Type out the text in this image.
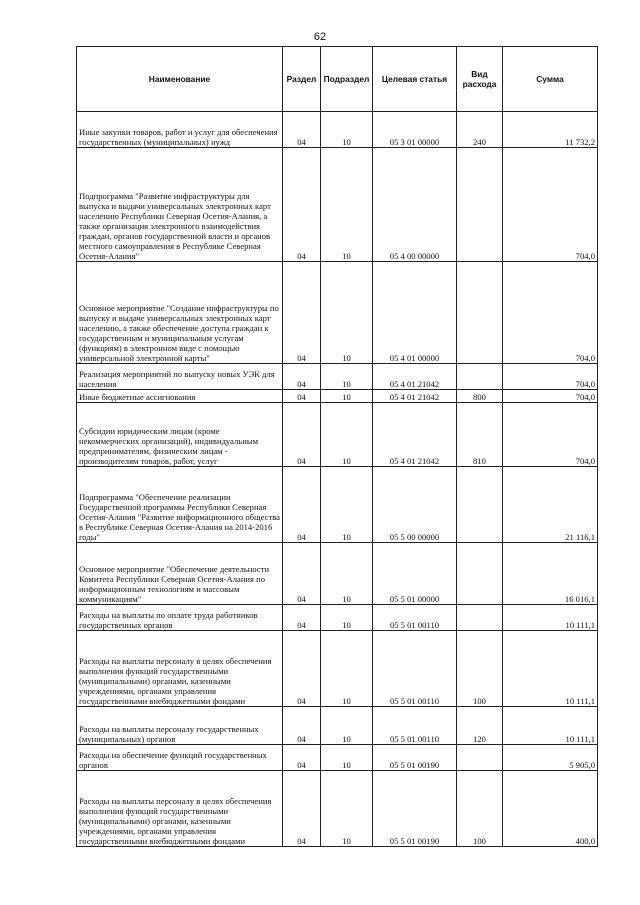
62
Наименование	Раздел	Подраздел	Целевая статья	Вид расхода	Сумма
Иные закупки товаров, работ и услуг для обеспечения государственных (муниципальных) нужд	04	10	05 3 01 00000	240	11 732,2
Подпрограмма "Развитие инфраструктуры для выпуска и выдачи универсальных электронных карт населению Республики Северная Осетия-Алания, а также организация электронного взаимодействия граждан, органов государственной власти и органов местного самоуправления в Республике Северная Осетия-Алания"	04	10	05 4 00 00000		704,0
Основное мероприятие "Создание инфраструктуры по выпуску и выдаче универсальных электронных карт населению, а также обеспечение доступа граждан к государственным и муниципальным услугам (функциям) в электронном виде с помощью универсальной электронной карты"	04	10	05 4 01 00000		704,0
Реализация мероприятий по выпуску новых УЭК для населения	04	10	05 4 01 21042		704,0
Иные бюджетные ассигнования	04	10	05 4 01 21042	800	704,0
Субсидии юридическим лицам (кроме некоммерческих организаций), индивидуальным предпринимателям, физическим лицам - производителям товаров, работ, услуг	04	10	05 4 01 21042	810	704,0
Подпрограмма "Обеспечение реализации Государственной программы Республики Северная Осетия-Алания "Развитие информационного общества в Республике Северная Осетия-Алания на 2014-2016 годы"	04	10	05 5 00 00000		21 116,1
Основное мероприятие "Обеспечение деятельности Комитета Республики Северная Осетия-Алания по информационным технологиям и массовым коммуникациям"	04	10	05 5 01 00000		16 016,1
Расходы на выплаты по оплате труда работников государственных органов	04	10	05 5 01 00110		10 111,1
Расходы на выплаты персоналу в целях обеспечения выполнения функций государственными (муниципальными) органами, казенными учреждениями, органами управления государственными внебюджетными фондами	04	10	05 5 01 00110	100	10 111,1
Расходы на выплаты персоналу государственных (муниципальных) органов	04	10	05 5 01 00110	120	10 111,1
Расходы на обеспечение функций государственных органов	04	10	05 5 01 00190		5 905,0
Расходы на выплаты персоналу в целях обеспечения выполнения функций государственными (муниципальными) органами, казенными учреждениями, органами управления государственными внебюджетными фондами	04	10	05 5 01 00190	100	400,0
